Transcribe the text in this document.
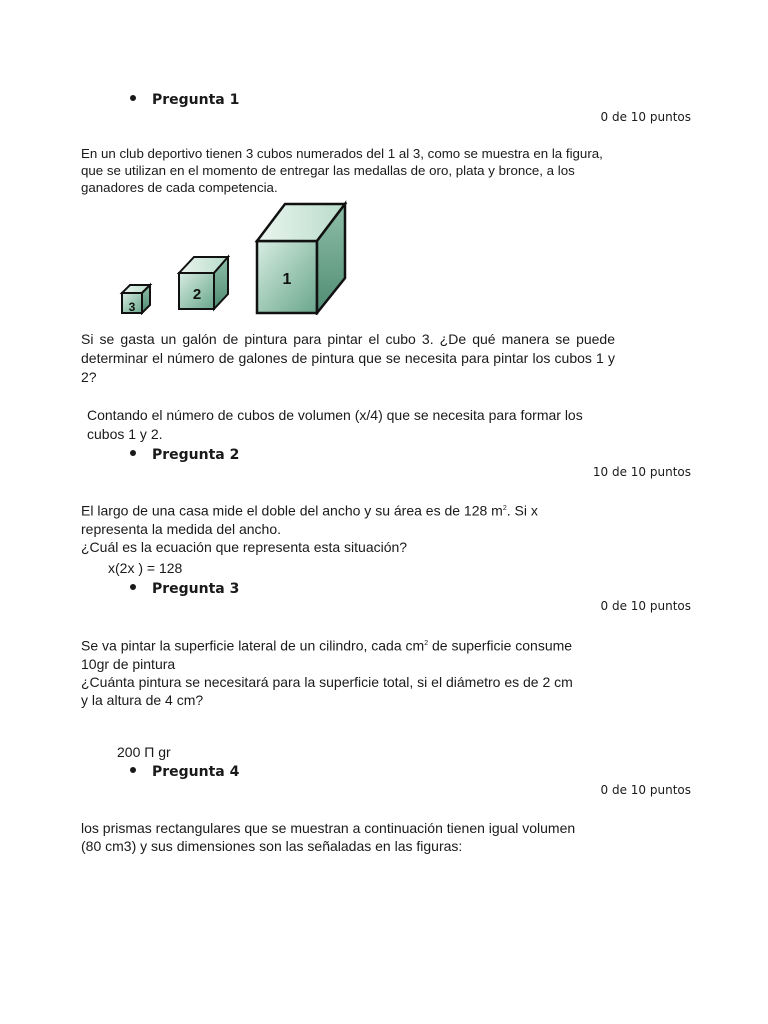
Pregunta 1
0 de 10 puntos
En un club deportivo tienen 3 cubos numerados del 1 al 3, como se muestra en la figura, que se utilizan en el momento de entregar las medallas de oro, plata y bronce, a los ganadores de cada competencia.
3
2
1
Si se gasta un galón de pintura para pintar el cubo 3. ¿De qué manera se puede determinar el número de galones de pintura que se necesita para pintar los cubos 1 y 2?
Contando el número de cubos de volumen (x/4) que se necesita para formar los cubos 1 y 2.
Pregunta 2
10 de 10 puntos
El largo de una casa mide el doble del ancho y su área es de 128 $m^2$. Si x
representa la medida del ancho.
¿Cuál es la ecuación que representa esta situación?
x(2x ) = 128
Pregunta 3
0 de 10 puntos
Se va pintar la superficie lateral de un cilindro, cada $cm^2$ de superficie consume
10gr de pintura
¿Cuánta pintura se necesitará para la superficie total, si el diámetro es de 2 cm
y la altura de 4 cm?
200 Π gr
Pregunta 4
0 de 10 puntos
los prismas rectangulares que se muestran a continuación tienen igual volumen
(80 cm3) y sus dimensiones son las señaladas en las figuras:
